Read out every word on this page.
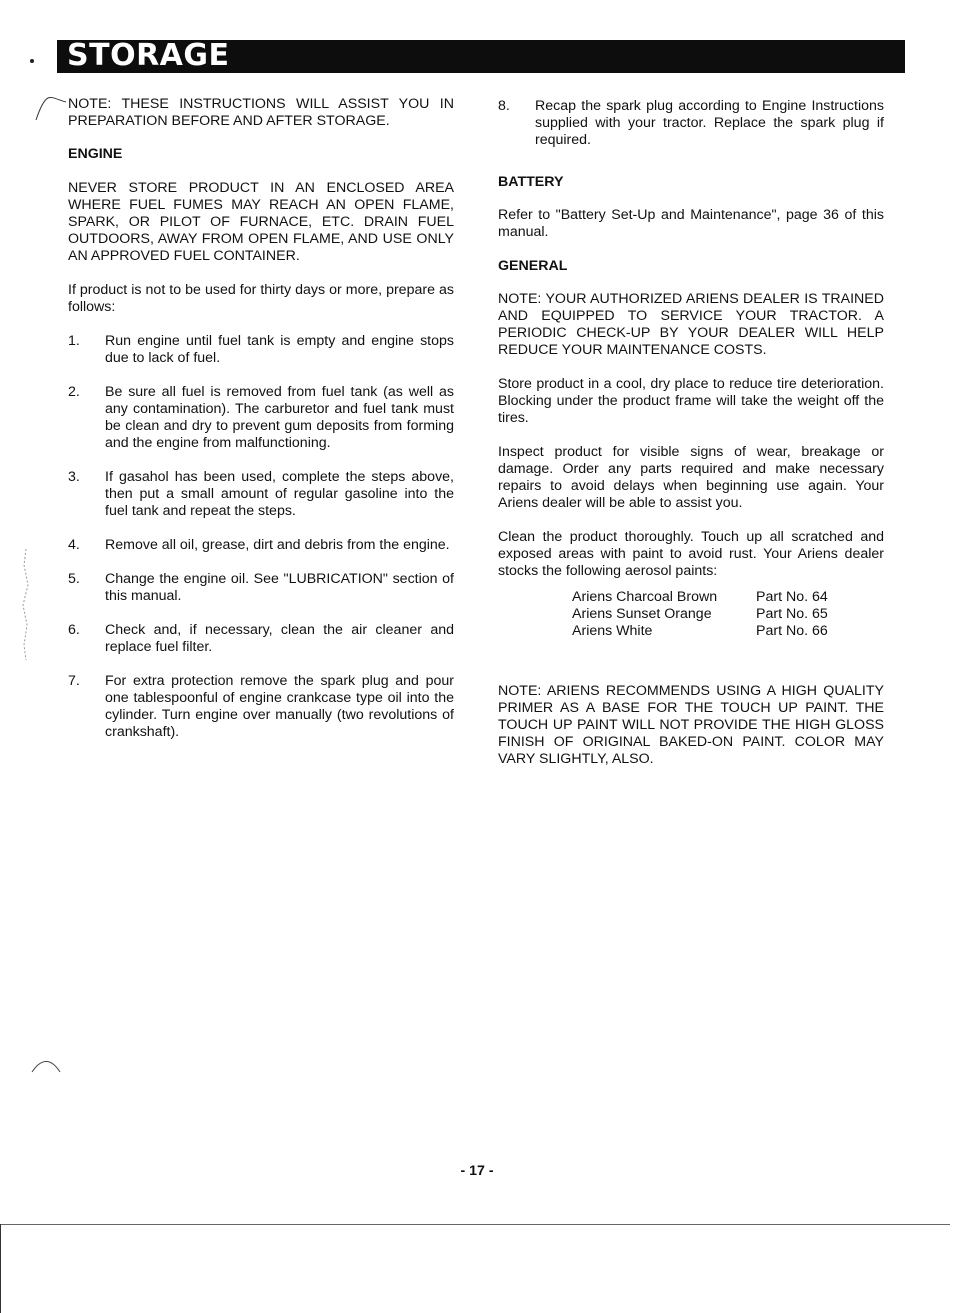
STORAGE

NOTE: THESE INSTRUCTIONS WILL ASSIST YOU IN PREPARATION BEFORE AND AFTER STORAGE.

ENGINE

NEVER STORE PRODUCT IN AN ENCLOSED AREA WHERE FUEL FUMES MAY REACH AN OPEN FLAME, SPARK, OR PILOT OF FURNACE, ETC. DRAIN FUEL OUTDOORS, AWAY FROM OPEN FLAME, AND USE ONLY AN APPROVED FUEL CONTAINER.

If product is not to be used for thirty days or more, prepare as follows:

1.	Run engine until fuel tank is empty and engine stops due to lack of fuel.
2.	Be sure all fuel is removed from fuel tank (as well as any contamination). The carburetor and fuel tank must be clean and dry to prevent gum deposits from forming and the engine from malfunctioning.
3.	If gasahol has been used, complete the steps above, then put a small amount of regular gasoline into the fuel tank and repeat the steps.
4.	Remove all oil, grease, dirt and debris from the engine.
5.	Change the engine oil. See "LUBRICATION" section of this manual.
6.	Check and, if necessary, clean the air cleaner and replace fuel filter.
7.	For extra protection remove the spark plug and pour one tablespoonful of engine crankcase type oil into the cylinder. Turn engine over manually (two revolutions of crankshaft).
8.	Recap the spark plug according to Engine Instructions supplied with your tractor. Replace the spark plug if required.

BATTERY

Refer to "Battery Set-Up and Maintenance", page 36 of this manual.

GENERAL

NOTE: YOUR AUTHORIZED ARIENS DEALER IS TRAINED AND EQUIPPED TO SERVICE YOUR TRACTOR. A PERIODIC CHECK-UP BY YOUR DEALER WILL HELP REDUCE YOUR MAINTENANCE COSTS.

Store product in a cool, dry place to reduce tire deterioration. Blocking under the product frame will take the weight off the tires.

Inspect product for visible signs of wear, breakage or damage. Order any parts required and make necessary repairs to avoid delays when beginning use again. Your Ariens dealer will be able to assist you.

Clean the product thoroughly. Touch up all scratched and exposed areas with paint to avoid rust. Your Ariens dealer stocks the following aerosol paints:

Ariens Charcoal Brown	Part No. 64
Ariens Sunset Orange	Part No. 65
Ariens White	Part No. 66

NOTE: ARIENS RECOMMENDS USING A HIGH QUALITY PRIMER AS A BASE FOR THE TOUCH UP PAINT. THE TOUCH UP PAINT WILL NOT PROVIDE THE HIGH GLOSS FINISH OF ORIGINAL BAKED-ON PAINT. COLOR MAY VARY SLIGHTLY, ALSO.

- 17 -
